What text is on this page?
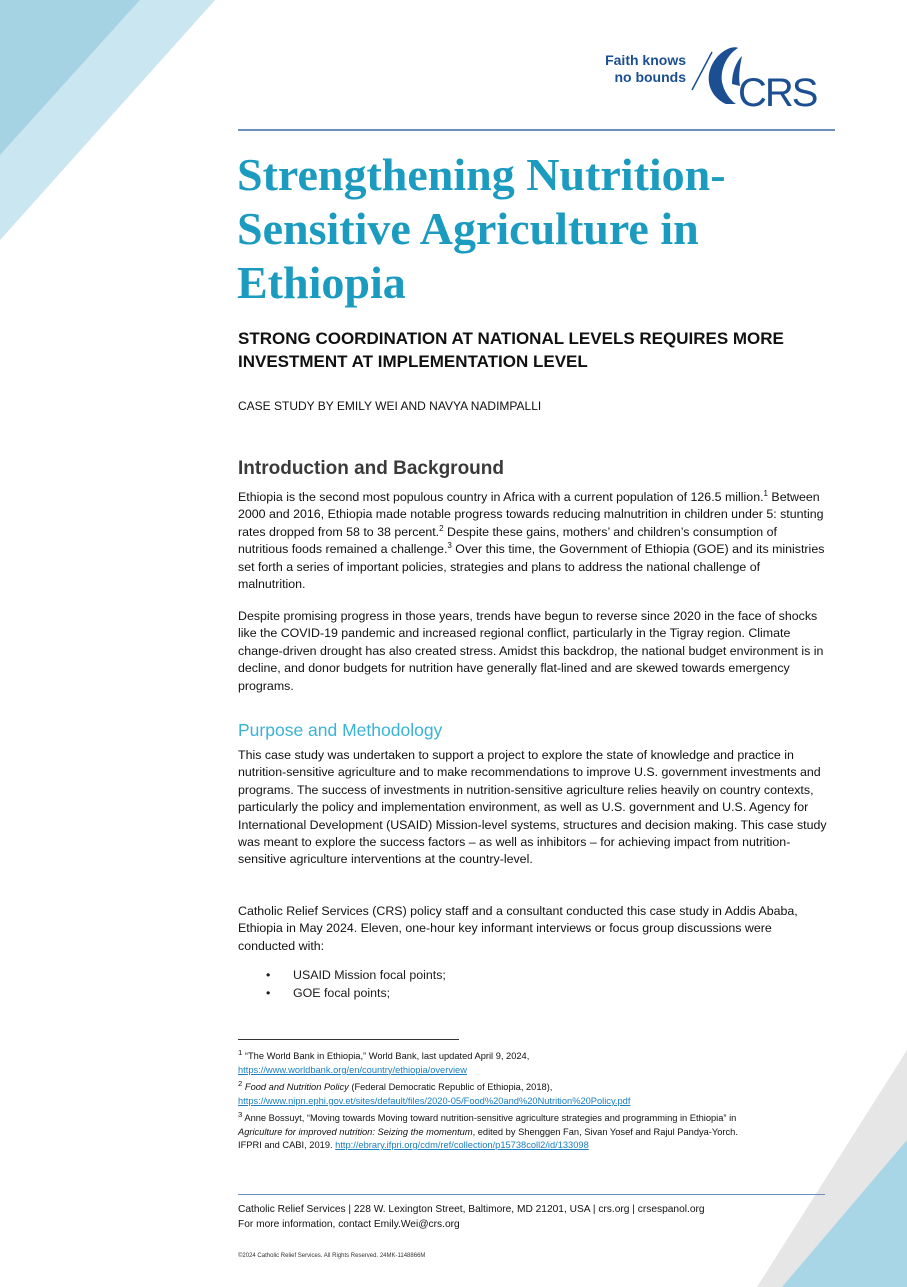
Faith knows
no bounds CRS
Strengthening Nutrition-Sensitive Agriculture in Ethiopia
STRONG COORDINATION AT NATIONAL LEVELS REQUIRES MORE INVESTMENT AT IMPLEMENTATION LEVEL
CASE STUDY BY EMILY WEI AND NAVYA NADIMPALLI
Introduction and Background

Ethiopia is the second most populous country in Africa with a current population of 126.5 million.$^1$ Between 2000 and 2016, Ethiopia made notable progress towards reducing malnutrition in children under 5: stunting rates dropped from 58 to 38 percent.$^2$ Despite these gains, mothers’ and children’s consumption of nutritious foods remained a challenge.$^3$ Over this time, the Government of Ethiopia (GOE) and its ministries set forth a series of important policies, strategies and plans to address the national challenge of malnutrition.

Despite promising progress in those years, trends have begun to reverse since 2020 in the face of shocks like the COVID-19 pandemic and increased regional conflict, particularly in the Tigray region. Climate change-driven drought has also created stress. Amidst this backdrop, the national budget environment is in decline, and donor budgets for nutrition have generally flat-lined and are skewed towards emergency programs.

Purpose and Methodology

This case study was undertaken to support a project to explore the state of knowledge and practice in nutrition-sensitive agriculture and to make recommendations to improve U.S. government investments and programs. The success of investments in nutrition-sensitive agriculture relies heavily on country contexts, particularly the policy and implementation environment, as well as U.S. government and U.S. Agency for International Development (USAID) Mission-level systems, structures and decision making. This case study was meant to explore the success factors – as well as inhibitors – for achieving impact from nutrition-sensitive agriculture interventions at the country-level.

Catholic Relief Services (CRS) policy staff and a consultant conducted this case study in Addis Ababa, Ethiopia in May 2024. Eleven, one-hour key informant interviews or focus group discussions were conducted with:

• USAID Mission focal points;
• GOE focal points;

$^1$ “The World Bank in Ethiopia,” World Bank, last updated April 9, 2024,
https://www.worldbank.org/en/country/ethiopia/overview

$^2$ Food and Nutrition Policy (Federal Democratic Republic of Ethiopia, 2018),
https://www.nipn.ephi.gov.et/sites/default/files/2020-05/Food%20and%20Nutrition%20Policy.pdf

$^3$ Anne Bossuyt, “Moving towards Moving toward nutrition-sensitive agriculture strategies and programming in Ethiopia” in
Agriculture for improved nutrition: Seizing the momentum, edited by Shenggen Fan, Sivan Yosef and Rajul Pandya-Yorch.
IFPRI and CABI, 2019. http://ebrary.ifpri.org/cdm/ref/collection/p15738coll2/id/133098

Catholic Relief Services | 228 W. Lexington Street, Baltimore, MD 21201, USA | crs.org | crsespanol.org
For more information, contact Emily.Wei@crs.org
©2024 Catholic Relief Services. All Rights Reserved. 24MK-1148866M
